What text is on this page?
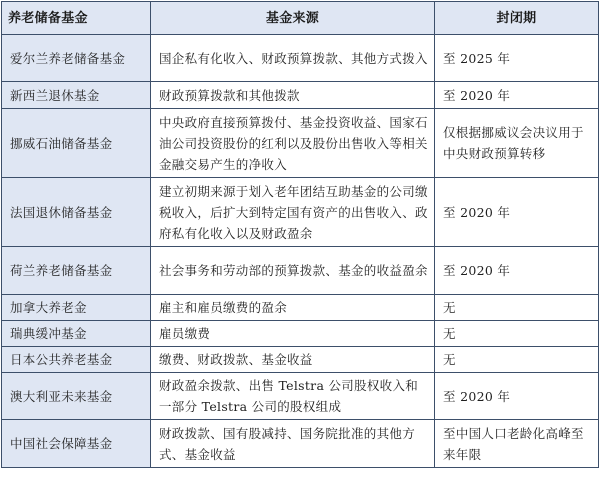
养老储备基金	基金来源	封闭期
爱尔兰养老储备基金	国企私有化收入、财政预算拨款、其他方式拨入	至 2025 年
新西兰退休基金	财政预算拨款和其他拨款	至 2020 年
挪威石油储备基金	中央政府直接预算拨付、基金投资收益、国家石油公司投资股份的红利以及股份出售收入等相关金融交易产生的净收入	仅根据挪威议会决议用于中央财政预算转移
法国退休储备基金	建立初期来源于划入老年团结互助基金的公司缴税收入，后扩大到特定国有资产的出售收入、政府私有化收入以及财政盈余	至 2020 年
荷兰养老储备基金	社会事务和劳动部的预算拨款、基金的收益盈余	至 2020 年
加拿大养老金	雇主和雇员缴费的盈余	无
瑞典缓冲基金	雇员缴费	无
日本公共养老基金	缴费、财政拨款、基金收益	无
澳大利亚未来基金	财政盈余拨款、出售 Telstra 公司股权收入和一部分 Telstra 公司的股权组成	至 2020 年
中国社会保障基金	财政拨款、国有股减持、国务院批准的其他方式、基金收益	至中国人口老龄化高峰至来年限
